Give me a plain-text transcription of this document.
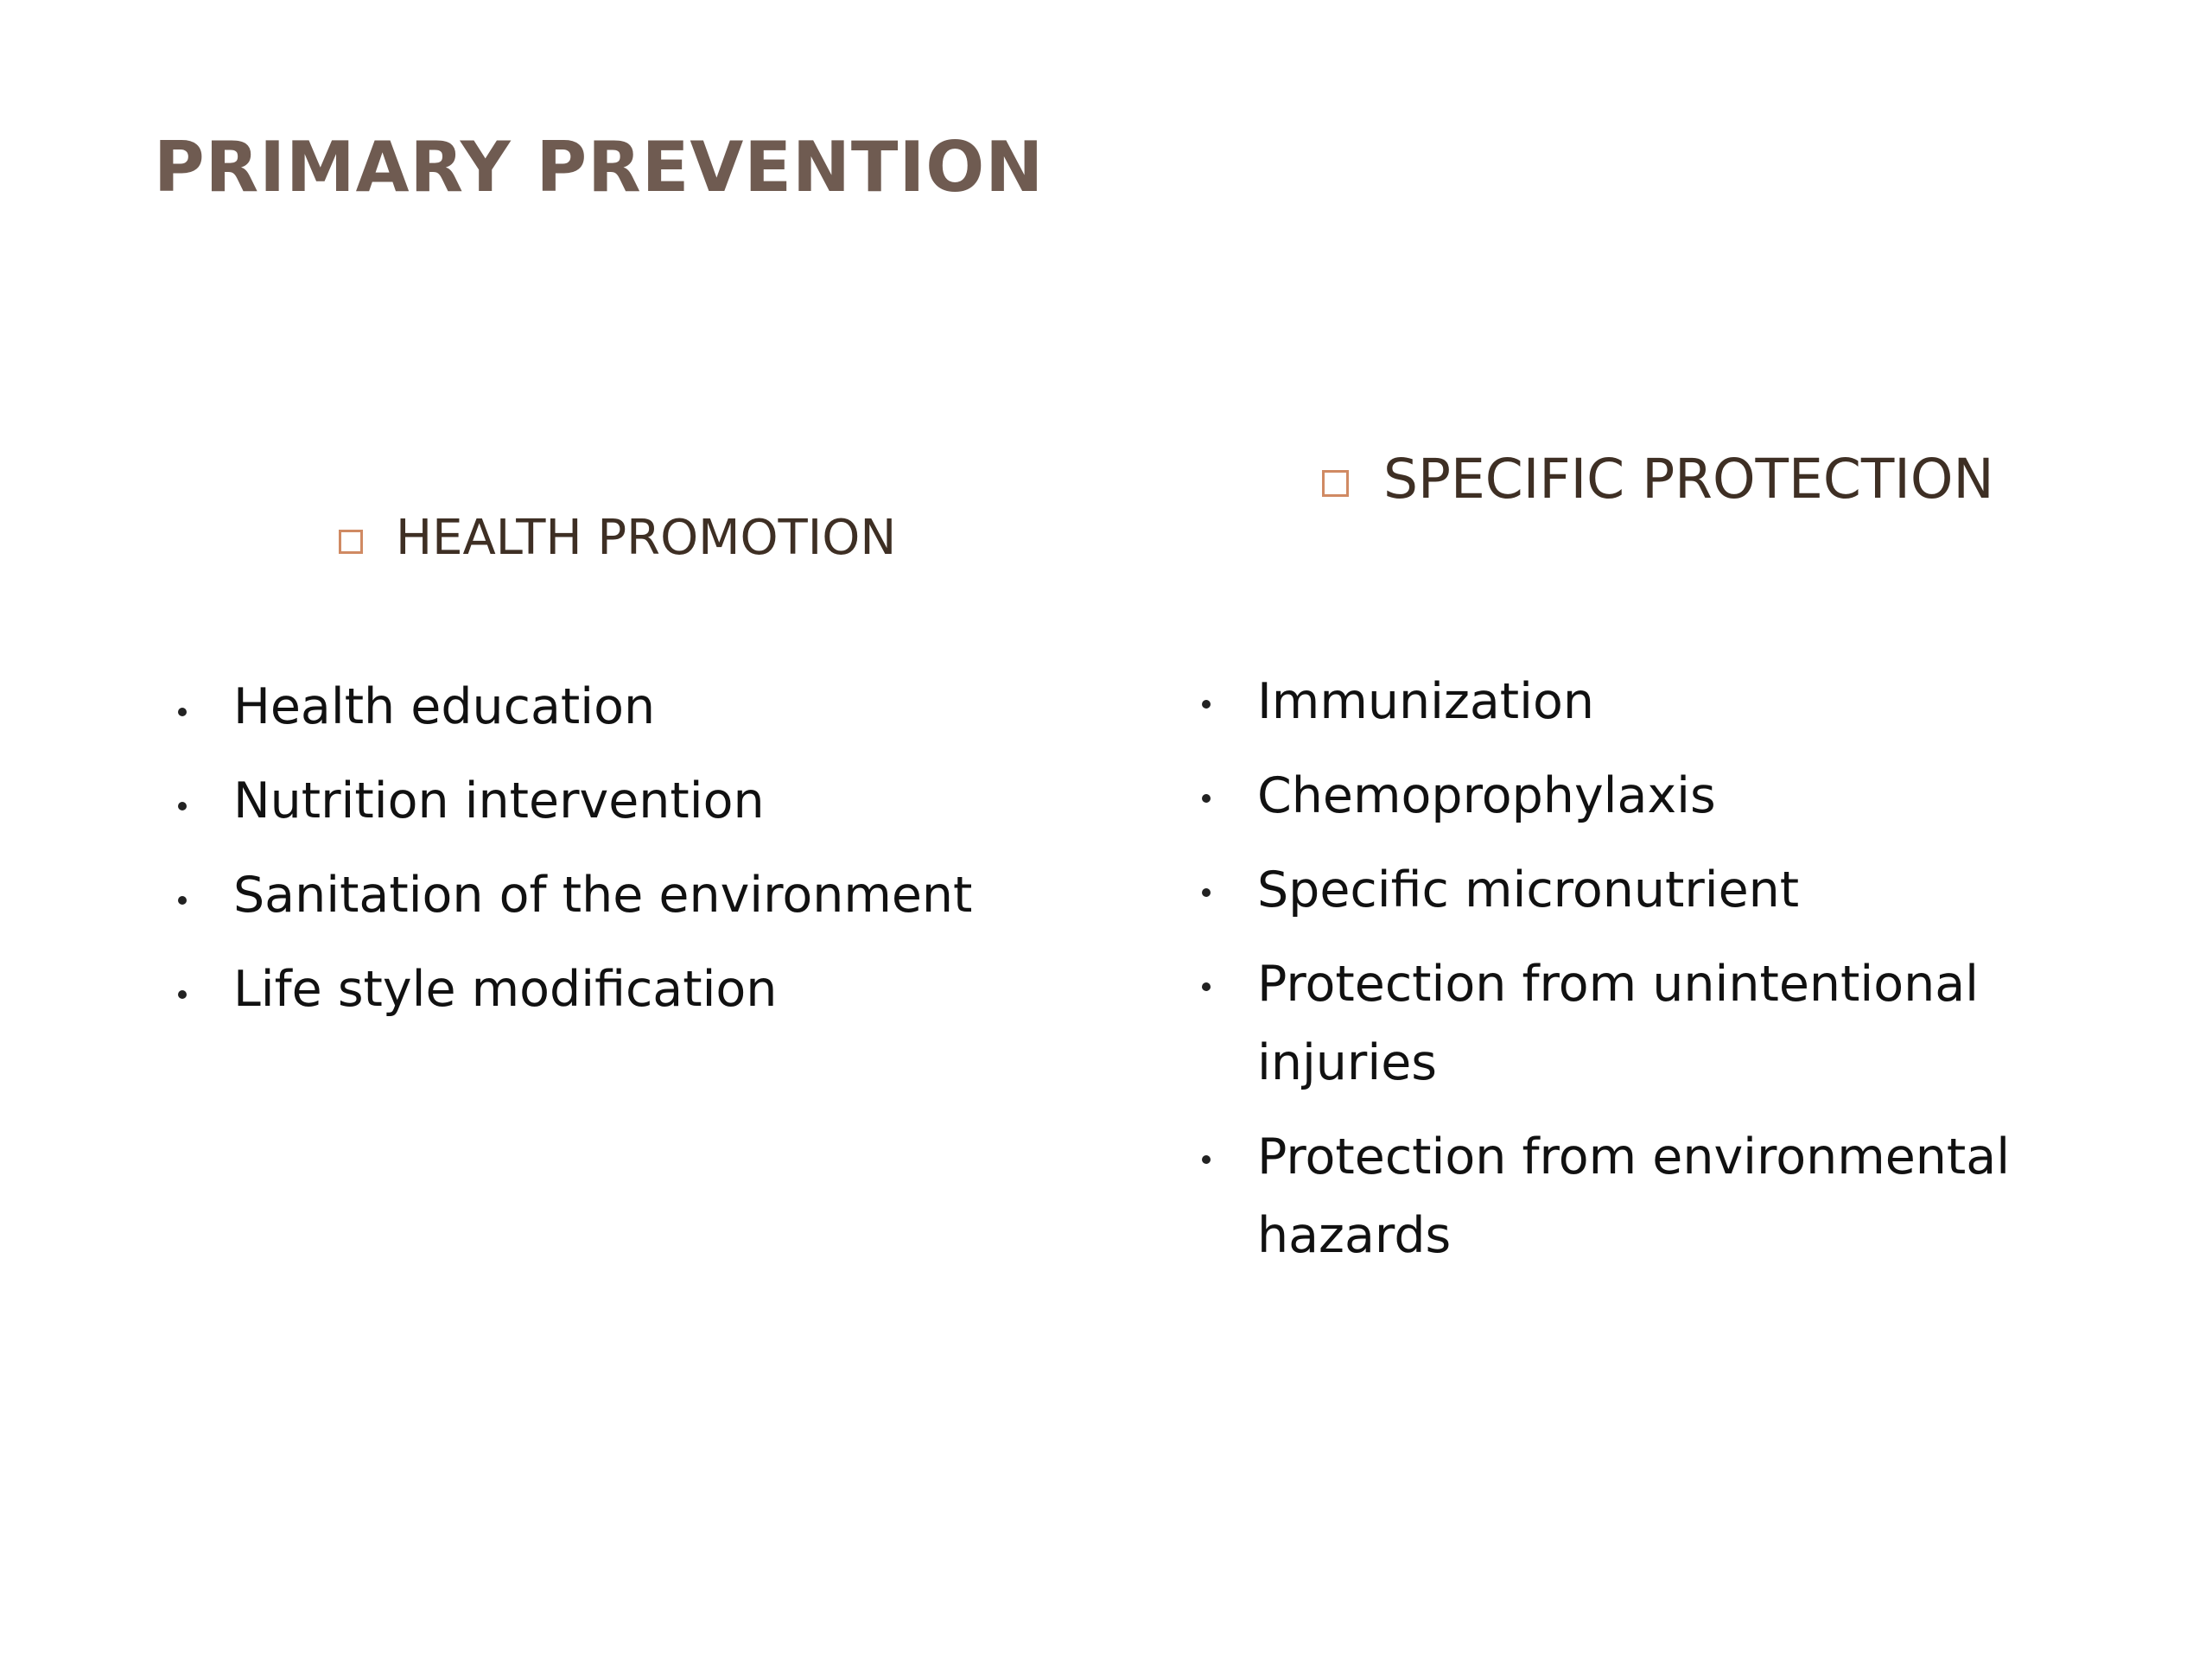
PRIMARY PREVENTION
HEALTH PROMOTION
SPECIFIC PROTECTION
Health education
Nutrition intervention
Sanitation of the environment
Life style modification
Immunization
Chemoprophylaxis
Specific micronutrient
Protection from unintentional injuries
Protection from environmental hazards
